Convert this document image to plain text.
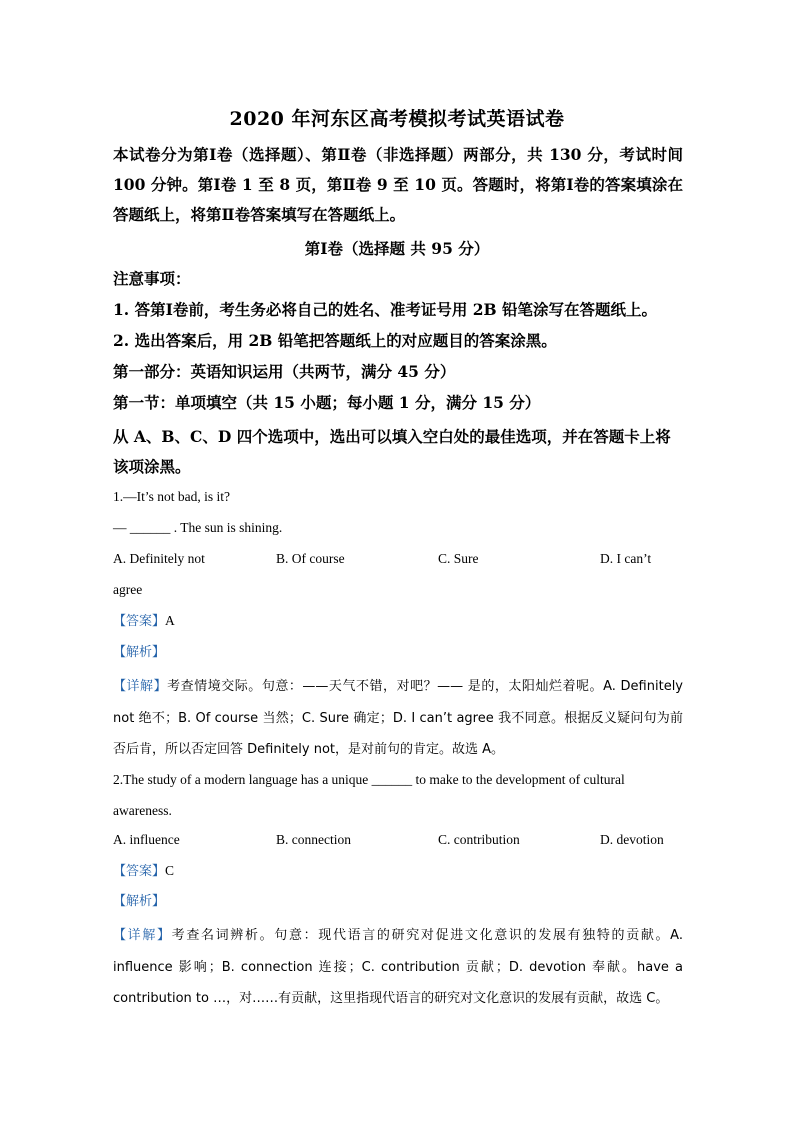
2020 年河东区高考模拟考试英语试卷
本试卷分为第Ⅰ卷（选择题）、第Ⅱ卷（非选择题）两部分，共 130 分，考试时间 100 分钟。第Ⅰ卷 1 至 8 页，第Ⅱ卷 9 至 10 页。答题时，将第Ⅰ卷的答案填涂在答题纸上，将第Ⅱ卷答案填写在答题纸上。
第Ⅰ卷（选择题 共 95 分）
注意事项：
1. 答第Ⅰ卷前，考生务必将自己的姓名、准考证号用 2B 铅笔涂写在答题纸上。
2. 选出答案后，用 2B 铅笔把答题纸上的对应题目的答案涂黑。
第一部分：英语知识运用（共两节，满分 45 分）
第一节：单项填空（共 15 小题；每小题 1 分，满分 15 分）
从 A、B、C、D 四个选项中，选出可以填入空白处的最佳选项，并在答题卡上将该项涂黑。
1.—It’s not bad, is it?
— ______ . The sun is shining.
A. Definitely not	B. Of course	C. Sure	D. I can’t
agree
【答案】A
【解析】
【详解】考查情境交际。句意：——天气不错，对吧？—— 是的，太阳灿烂着呢。A. Definitely not 绝不；B. Of course 当然；C. Sure 确定；D. I can’t agree 我不同意。根据反义疑问句为前否后肯，所以否定回答 Definitely not，是对前句的肯定。故选 A。
2.The study of a modern language has a unique ______ to make to the development of cultural awareness.
A. influence	B. connection	C. contribution	D. devotion
【答案】C
【解析】
【详解】考查名词辨析。句意：现代语言的研究对促进文化意识的发展有独特的贡献。A. influence 影响；B. connection 连接；C. contribution 贡献；D. devotion 奉献。have a contribution to …，对……有贡献，这里指现代语言的研究对文化意识的发展有贡献，故选 C。
